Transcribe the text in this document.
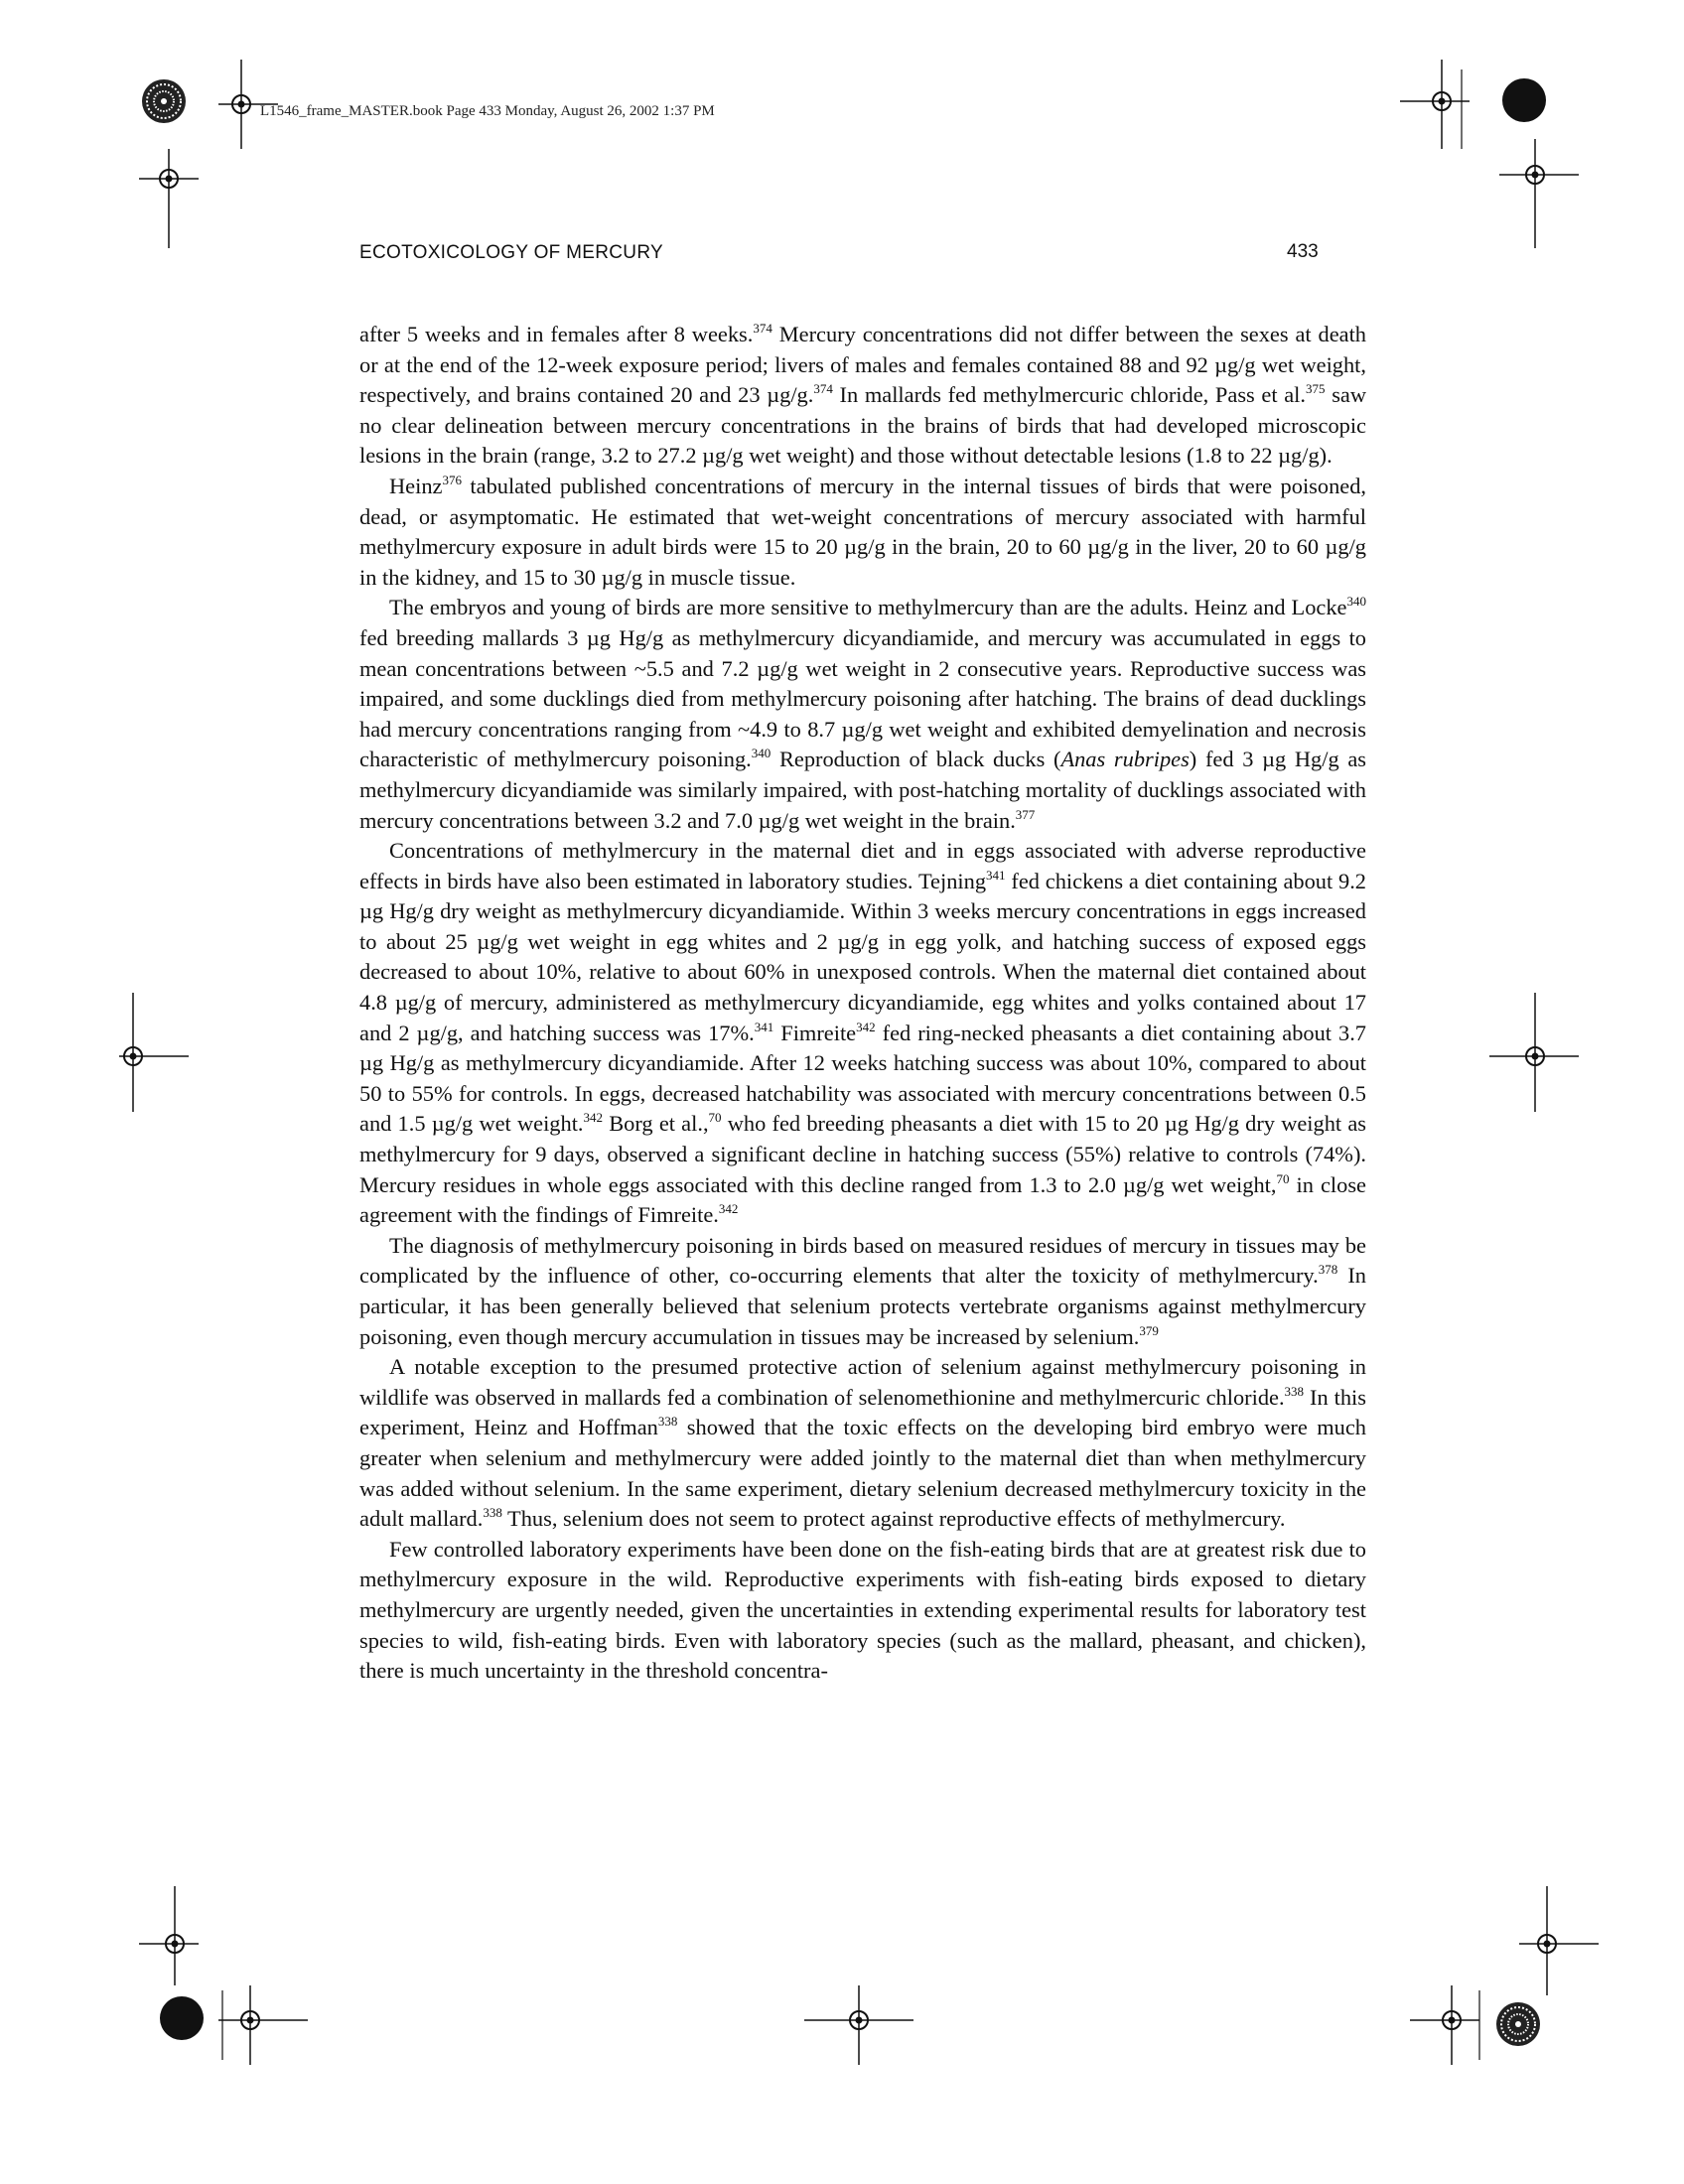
L1546_frame_MASTER.book Page 433 Monday, August 26, 2002 1:37 PM
ECOTOXICOLOGY OF MERCURY	433

after 5 weeks and in females after 8 weeks.$^{374}$ Mercury concentrations did not differ between the sexes at death or at the end of the 12-week exposure period; livers of males and females contained 88 and 92 µg/g wet weight, respectively, and brains contained 20 and 23 µg/g.$^{374}$ In mallards fed methylmercuric chloride, Pass et al.$^{375}$ saw no clear delineation between mercury concentrations in the brains of birds that had developed microscopic lesions in the brain (range, 3.2 to 27.2 µg/g wet weight) and those without detectable lesions (1.8 to 22 µg/g).

Heinz$^{376}$ tabulated published concentrations of mercury in the internal tissues of birds that were poisoned, dead, or asymptomatic. He estimated that wet-weight concentrations of mercury associated with harmful methylmercury exposure in adult birds were 15 to 20 µg/g in the brain, 20 to 60 µg/g in the liver, 20 to 60 µg/g in the kidney, and 15 to 30 µg/g in muscle tissue.

The embryos and young of birds are more sensitive to methylmercury than are the adults. Heinz and Locke$^{340}$ fed breeding mallards 3 µg Hg/g as methylmercury dicyandiamide, and mercury was accumulated in eggs to mean concentrations between ~5.5 and 7.2 µg/g wet weight in 2 consecutive years. Reproductive success was impaired, and some ducklings died from methylmercury poisoning after hatching. The brains of dead ducklings had mercury concentrations ranging from ~4.9 to 8.7 µg/g wet weight and exhibited demyelination and necrosis characteristic of methylmercury poisoning.$^{340}$ Reproduction of black ducks (Anas rubripes) fed 3 µg Hg/g as methylmercury dicyandiamide was similarly impaired, with post-hatching mortality of ducklings associated with mercury concentrations between 3.2 and 7.0 µg/g wet weight in the brain.$^{377}$

Concentrations of methylmercury in the maternal diet and in eggs associated with adverse reproductive effects in birds have also been estimated in laboratory studies. Tejning$^{341}$ fed chickens a diet containing about 9.2 µg Hg/g dry weight as methylmercury dicyandiamide. Within 3 weeks mercury concentrations in eggs increased to about 25 µg/g wet weight in egg whites and 2 µg/g in egg yolk, and hatching success of exposed eggs decreased to about 10%, relative to about 60% in unexposed controls. When the maternal diet contained about 4.8 µg/g of mercury, administered as methylmercury dicyandiamide, egg whites and yolks contained about 17 and 2 µg/g, and hatching success was 17%.$^{341}$ Fimreite$^{342}$ fed ring-necked pheasants a diet containing about 3.7 µg Hg/g as methylmercury dicyandiamide. After 12 weeks hatching success was about 10%, compared to about 50 to 55% for controls. In eggs, decreased hatchability was associated with mercury concentrations between 0.5 and 1.5 µg/g wet weight.$^{342}$ Borg et al.,$^{70}$ who fed breeding pheasants a diet with 15 to 20 µg Hg/g dry weight as methylmercury for 9 days, observed a significant decline in hatching success (55%) relative to controls (74%). Mercury residues in whole eggs associated with this decline ranged from 1.3 to 2.0 µg/g wet weight,$^{70}$ in close agreement with the findings of Fimreite.$^{342}$

The diagnosis of methylmercury poisoning in birds based on measured residues of mercury in tissues may be complicated by the influence of other, co-occurring elements that alter the toxicity of methylmercury.$^{378}$ In particular, it has been generally believed that selenium protects vertebrate organisms against methylmercury poisoning, even though mercury accumulation in tissues may be increased by selenium.$^{379}$

A notable exception to the presumed protective action of selenium against methylmercury poisoning in wildlife was observed in mallards fed a combination of selenomethionine and methylmercuric chloride.$^{338}$ In this experiment, Heinz and Hoffman$^{338}$ showed that the toxic effects on the developing bird embryo were much greater when selenium and methylmercury were added jointly to the maternal diet than when methylmercury was added without selenium. In the same experiment, dietary selenium decreased methylmercury toxicity in the adult mallard.$^{338}$ Thus, selenium does not seem to protect against reproductive effects of methylmercury.

Few controlled laboratory experiments have been done on the fish-eating birds that are at greatest risk due to methylmercury exposure in the wild. Reproductive experiments with fish-eating birds exposed to dietary methylmercury are urgently needed, given the uncertainties in extending experimental results for laboratory test species to wild, fish-eating birds. Even with laboratory species (such as the mallard, pheasant, and chicken), there is much uncertainty in the threshold concentra-
